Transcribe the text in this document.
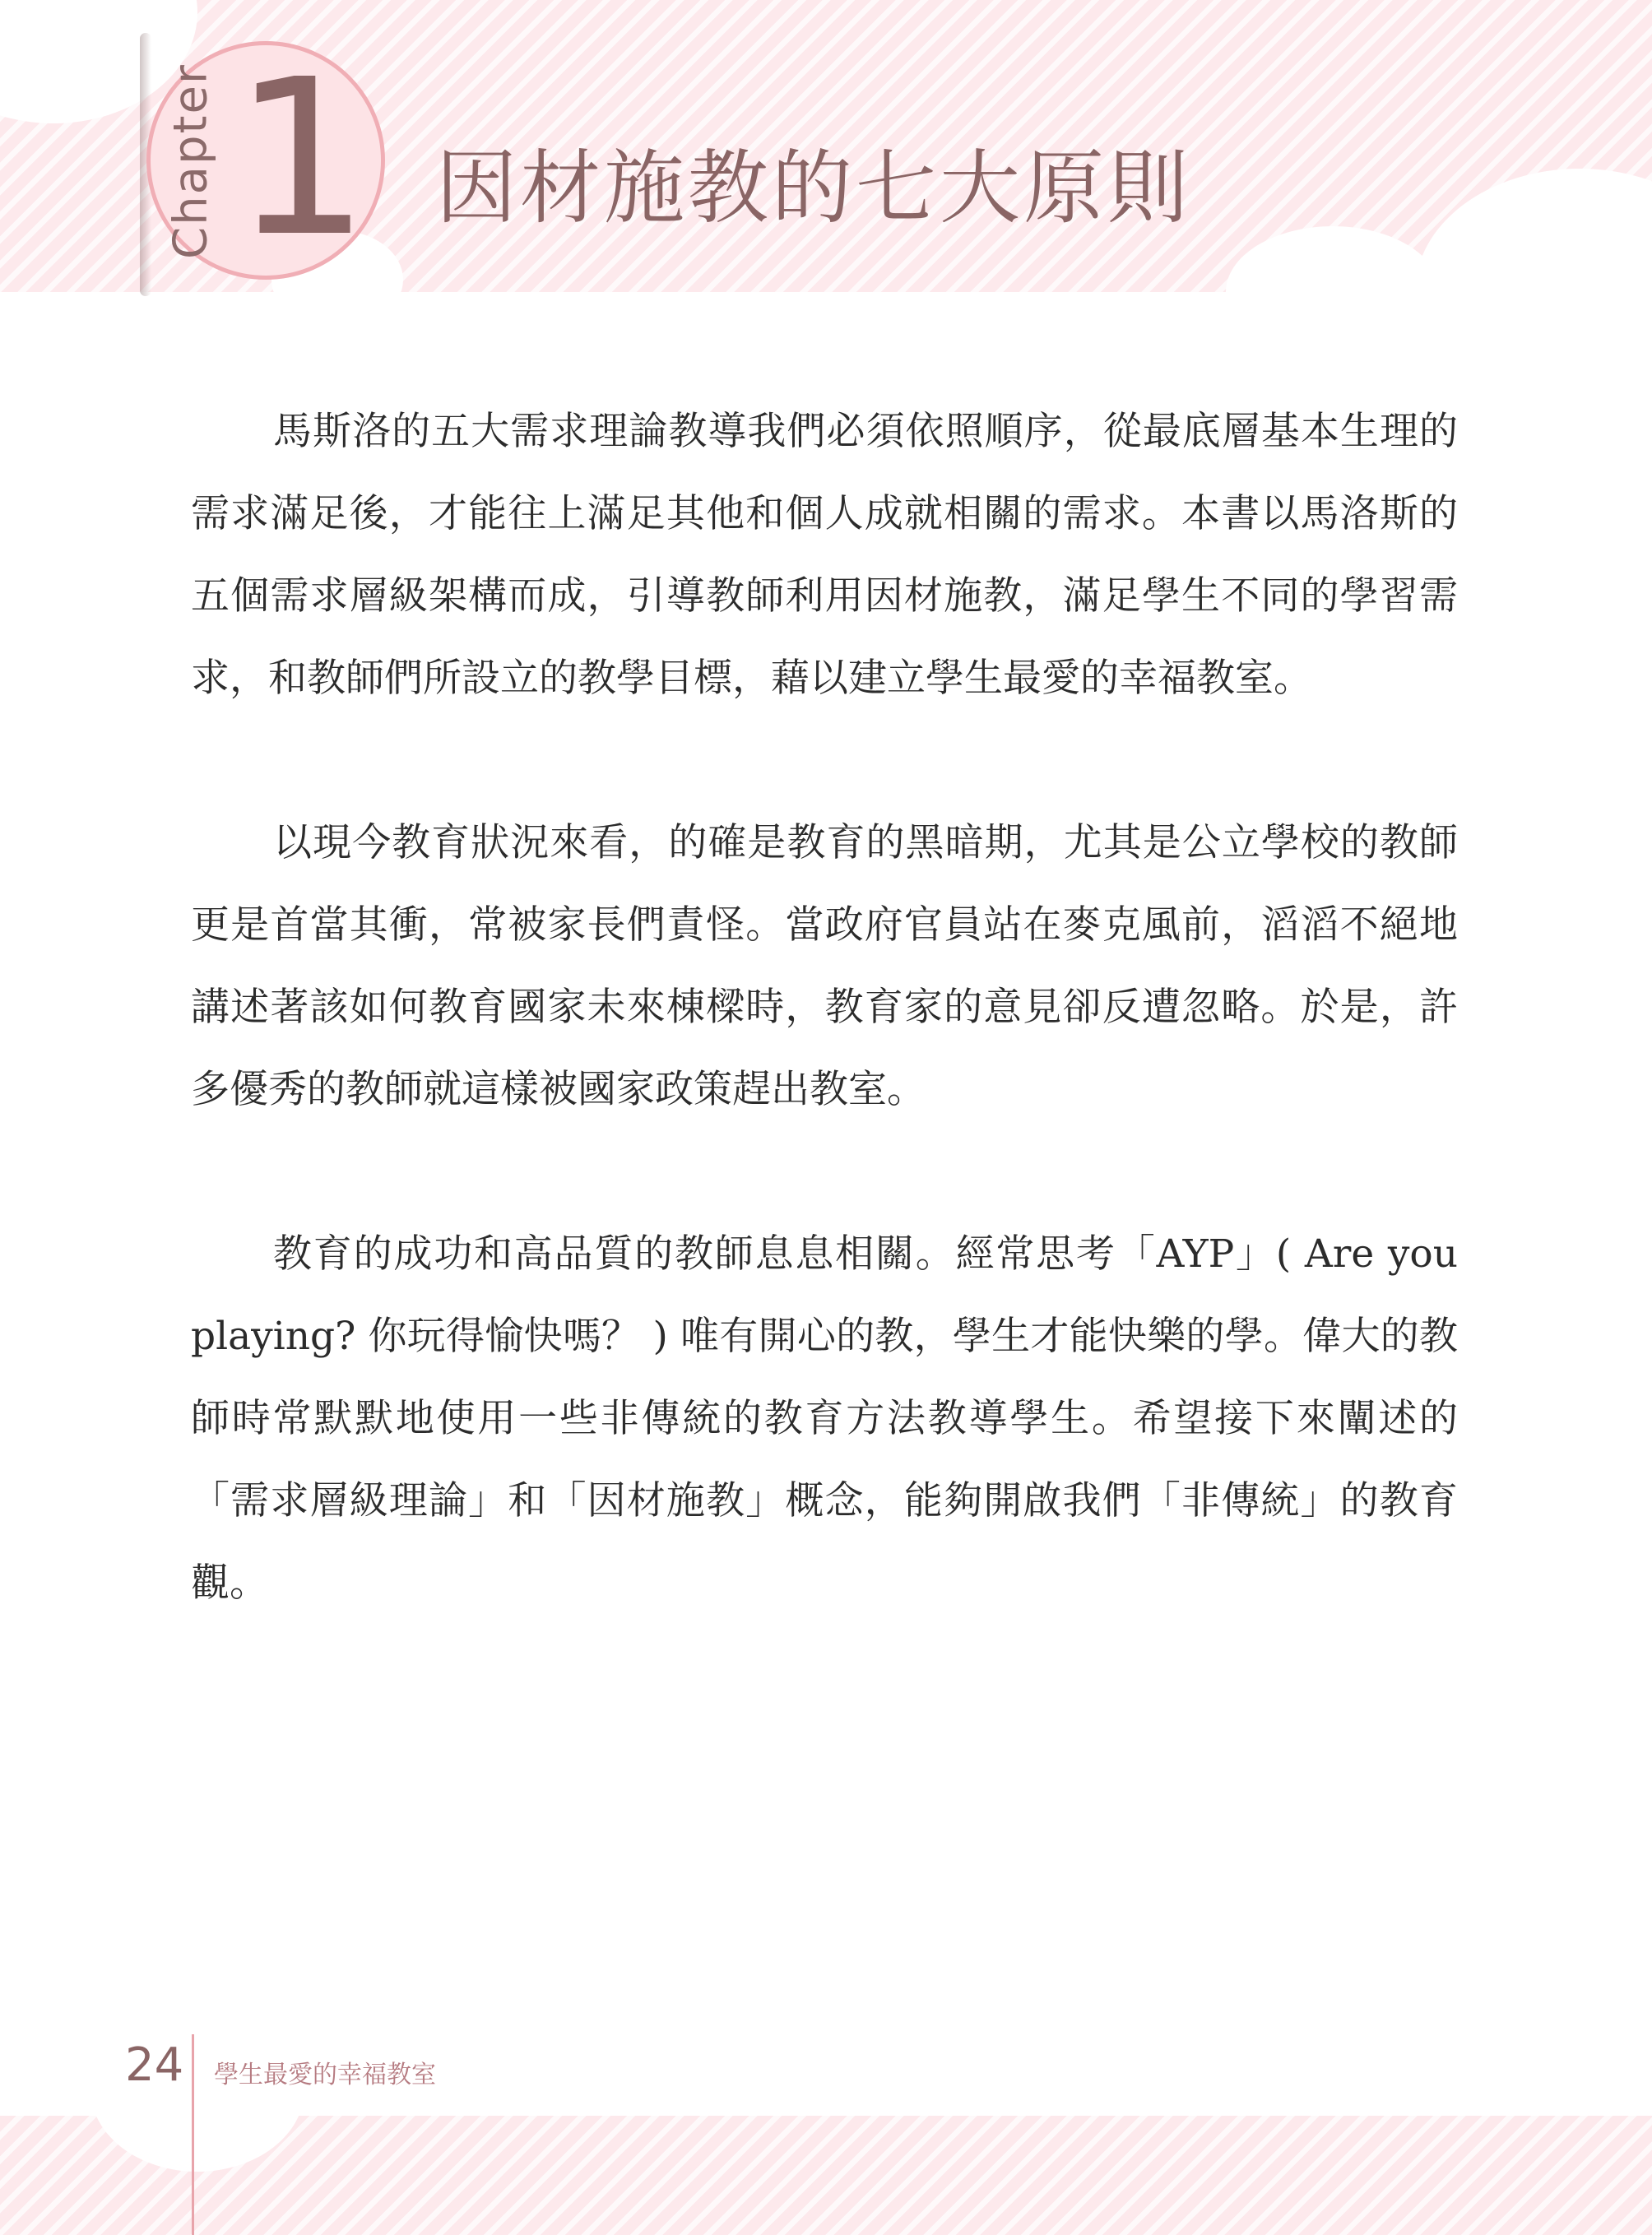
Chapter 1 因材施教的七大原則

馬斯洛的五大需求理論教導我們必須依照順序，從最底層基本生理的需求滿足後，才能往上滿足其他和個人成就相關的需求。本書以馬洛斯的五個需求層級架構而成，引導教師利用因材施教，滿足學生不同的學習需求，和教師們所設立的教學目標，藉以建立學生最愛的幸福教室。

以現今教育狀況來看，的確是教育的黑暗期，尤其是公立學校的教師更是首當其衝，常被家長們責怪。當政府官員站在麥克風前，滔滔不絕地講述著該如何教育國家未來棟樑時，教育家的意見卻反遭忽略。於是，許多優秀的教師就這樣被國家政策趕出教室。

教育的成功和高品質的教師息息相關。經常思考「AYP」( Are you playing? 你玩得愉快嗎？ ) 唯有開心的教，學生才能快樂的學。偉大的教師時常默默地使用一些非傳統的教育方法教導學生。希望接下來闡述的「需求層級理論」和「因材施教」概念，能夠開啟我們「非傳統」的教育觀。

24 學生最愛的幸福教室
